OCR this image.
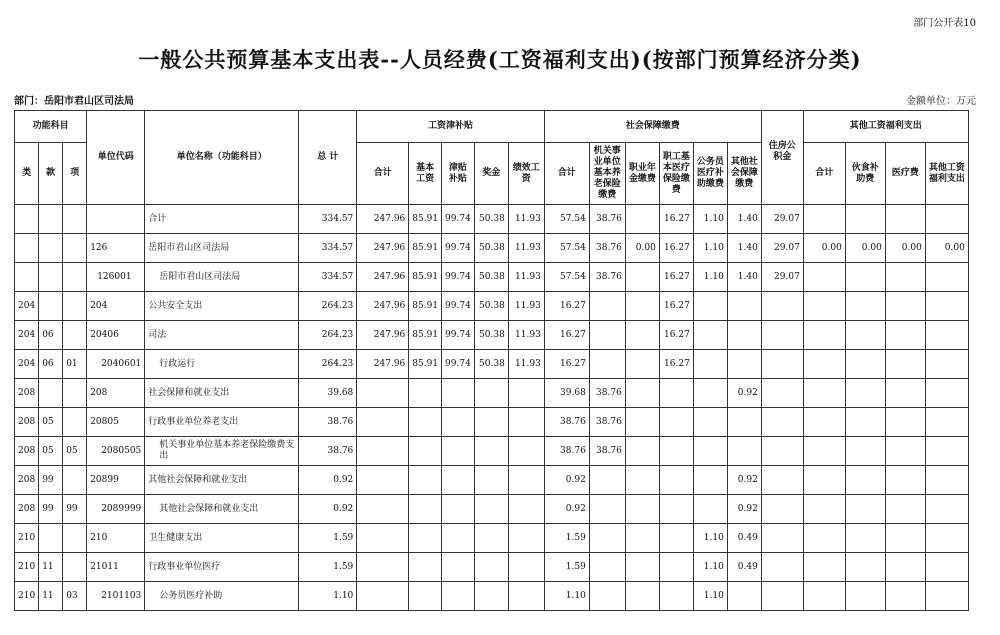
部门公开表10
一般公共预算基本支出表--人员经费(工资福利支出)(按部门预算经济分类)
部门：岳阳市君山区司法局	金额单位：万元
功能科目			单位代码	单位名称（功能科目）	总 计	工资津补贴					社会保障缴费						住房公积金	其他工资福利支出			
类	款	项				合计	基本工资	津贴补贴	奖金	绩效工资	合计	机关事业单位基本养老保险缴费	职业年金缴费	职工基本医疗保险缴费	公务员医疗补助缴费	其他社会保障缴费		合计	伙食补助费	医疗费	其他工资福利支出
				合计	334.57	247.96	85.91	99.74	50.38	11.93	57.54	38.76		16.27	1.10	1.40	29.07				
			126	岳阳市君山区司法局	334.57	247.96	85.91	99.74	50.38	11.93	57.54	38.76	0.00	16.27	1.10	1.40	29.07	0.00	0.00	0.00	0.00
			126001	岳阳市君山区司法局	334.57	247.96	85.91	99.74	50.38	11.93	57.54	38.76		16.27	1.10	1.40	29.07				
204			204	公共安全支出	264.23	247.96	85.91	99.74	50.38	11.93	16.27			16.27							
204	06		20406	司法	264.23	247.96	85.91	99.74	50.38	11.93	16.27			16.27							
204	06	01	2040601	行政运行	264.23	247.96	85.91	99.74	50.38	11.93	16.27			16.27							
208			208	社会保障和就业支出	39.68						39.68	38.76				0.92					
208	05		20805	行政事业单位养老支出	38.76						38.76	38.76									
208	05	05	2080505	机关事业单位基本养老保险缴费支出	38.76						38.76	38.76									
208	99		20899	其他社会保障和就业支出	0.92						0.92					0.92					
208	99	99	2089999	其他社会保障和就业支出	0.92						0.92					0.92					
210			210	卫生健康支出	1.59						1.59				1.10	0.49					
210	11		21011	行政事业单位医疗	1.59						1.59				1.10	0.49					
210	11	03	2101103	公务员医疗补助	1.10						1.10				1.10						
